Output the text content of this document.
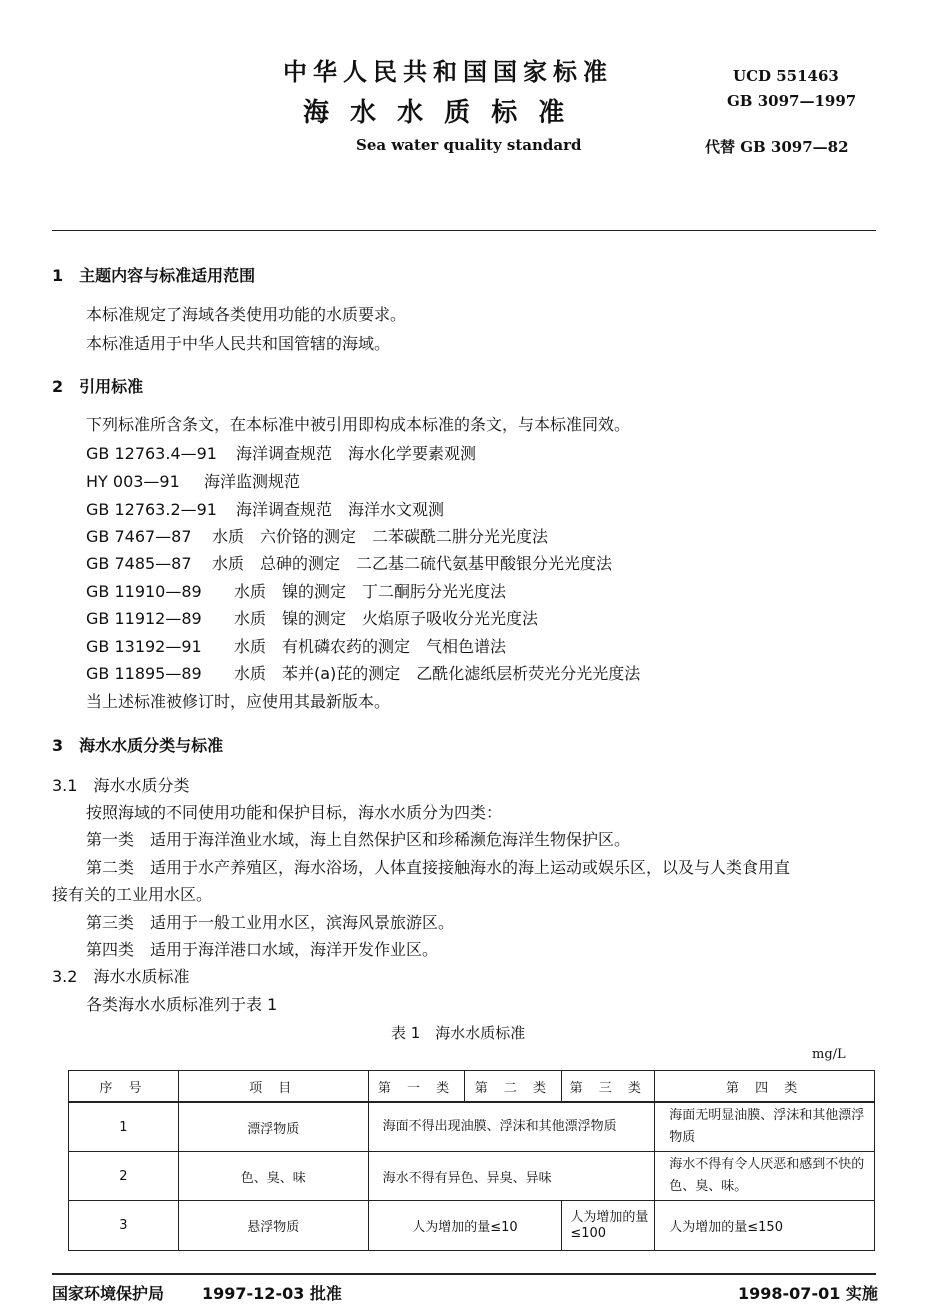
中华人民共和国国家标准
海 水 水 质 标 准
Sea water quality standard
UCD 551463
GB 3097—1997
代替 GB 3097—82
1　主题内容与标准适用范围
本标准规定了海域各类使用功能的水质要求。
本标准适用于中华人民共和国管辖的海域。
2　引用标准
下列标准所含条文，在本标准中被引用即构成本标准的条文，与本标准同效。
GB 12763.4—91 海洋调查规范　海水化学要素观测
HY 003—91 海洋监测规范
GB 12763.2—91 海洋调查规范　海洋水文观测
GB 7467—87 水质　六价铬的测定　二苯碳酰二肼分光光度法
GB 7485—87 水质　总砷的测定　二乙基二硫代氨基甲酸银分光光度法
GB 11910—89 水质　镍的测定　丁二酮肟分光光度法
GB 11912—89 水质　镍的测定　火焰原子吸收分光光度法
GB 13192—91 水质　有机磷农药的测定　气相色谱法
GB 11895—89 水质　苯并(a)芘的测定　乙酰化滤纸层析荧光分光光度法
当上述标准被修订时，应使用其最新版本。
3　海水水质分类与标准
3.1　海水水质分类
按照海域的不同使用功能和保护目标，海水水质分为四类：
第一类　适用于海洋渔业水域，海上自然保护区和珍稀濒危海洋生物保护区。
第二类　适用于水产养殖区，海水浴场，人体直接接触海水的海上运动或娱乐区，以及与人类食用直
接有关的工业用水区。
第三类　适用于一般工业用水区，滨海风景旅游区。
第四类　适用于海洋港口水域，海洋开发作业区。
3.2　海水水质标准
各类海水水质标准列于表 1
表 1　海水水质标准
mg/L
序 号	项 目	第 一 类	第 二 类	第 三 类	第 四 类
1	漂浮物质	海面不得出现油膜、浮沫和其他漂浮物质			海面无明显油膜、浮沫和其他漂浮物质
2	色、臭、味	海水不得有异色、异臭、异味			海水不得有令人厌恶和感到不快的色、臭、味。
3	悬浮物质	人为增加的量≤10		人为增加的量≤100	人为增加的量≤150
国家环境保护局 1997-12-03 批准	1998-07-01 实施
